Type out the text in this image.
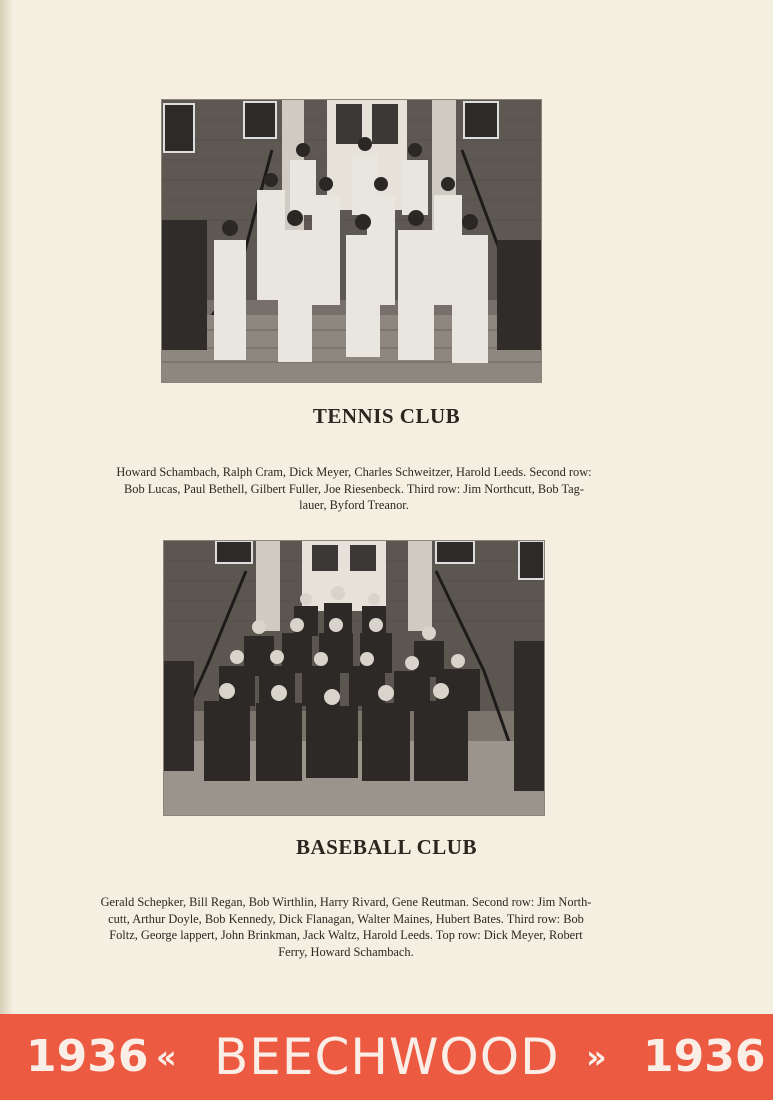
TENNIS CLUB
Howard Schambach, Ralph Cram, Dick Meyer, Charles Schweitzer, Harold Leeds. Second row:
Bob Lucas, Paul Bethell, Gilbert Fuller, Joe Riesenbeck. Third row: Jim Northcutt, Bob Tag-
lauer, Byford Treanor.
BASEBALL CLUB
Gerald Schepker, Bill Regan, Bob Wirthlin, Harry Rivard, Gene Reutman. Second row: Jim North-
cutt, Arthur Doyle, Bob Kennedy, Dick Flanagan, Walter Maines, Hubert Bates. Third row: Bob
Foltz, George lappert, John Brinkman, Jack Waltz, Harold Leeds. Top row: Dick Meyer, Robert
Ferry, Howard Schambach.
1936 « BEECHWOOD » 1936
